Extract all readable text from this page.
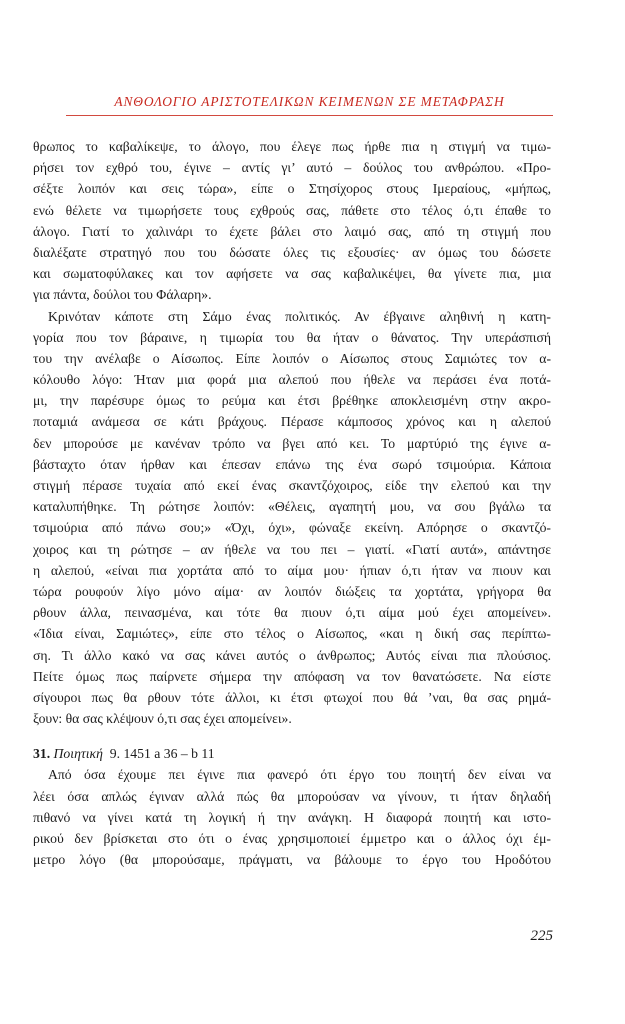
ΑΝΘΟΛΟΓΙΟ ΑΡΙΣΤΟΤΕΛΙΚΩΝ ΚΕΙΜΕΝΩΝ ΣΕ ΜΕΤΑΦΡΑΣΗ
θρωπος το καβαλίκεψε, το άλογο, που έλεγε πως ήρθε πια η στιγμή να τιμω-
ρήσει τον εχθρό του, έγινε – αντίς γι’ αυτό – δούλος του ανθρώπου. «Προ-
σέξτε λοιπόν και σεις τώρα», είπε ο Στησίχορος στους Ιμεραίους, «μήπως,
ενώ θέλετε να τιμωρήσετε τους εχθρούς σας, πάθετε στο τέλος ό,τι έπαθε το
άλογο. Γιατί το χαλινάρι το έχετε βάλει στο λαιμό σας, από τη στιγμή που
διαλέξατε στρατηγό που του δώσατε όλες τις εξουσίες· αν όμως του δώσετε
και σωματοφύλακες και τον αφήσετε να σας καβαλικέψει, θα γίνετε πια, μια
για πάντα, δούλοι του Φάλαρη».
Κρινόταν κάποτε στη Σάμο ένας πολιτικός. Αν έβγαινε αληθινή η κατη-
γορία που τον βάραινε, η τιμωρία του θα ήταν ο θάνατος. Την υπεράσπισή
του την ανέλαβε ο Αίσωπος. Είπε λοιπόν ο Αίσωπος στους Σαμιώτες τον α-
κόλουθο λόγο: Ήταν μια φορά μια αλεπού που ήθελε να περάσει ένα ποτά-
μι, την παρέσυρε όμως το ρεύμα και έτσι βρέθηκε αποκλεισμένη στην ακρο-
ποταμιά ανάμεσα σε κάτι βράχους. Πέρασε κάμποσος χρόνος και η αλεπού
δεν μπορούσε με κανέναν τρόπο να βγει από κει. Το μαρτύριό της έγινε α-
βάσταχτο όταν ήρθαν και έπεσαν επάνω της ένα σωρό τσιμούρια. Κάποια
στιγμή πέρασε τυχαία από εκεί ένας σκαντζόχοιρος, είδε την ελεπού και την
καταλυπήθηκε. Τη ρώτησε λοιπόν: «Θέλεις, αγαπητή μου, να σου βγάλω τα
τσιμούρια από πάνω σου;» «Όχι, όχι», φώναξε εκείνη. Απόρησε ο σκαντζό-
χοιρος και τη ρώτησε – αν ήθελε να του πει – γιατί. «Γιατί αυτά», απάντησε
η αλεπού, «είναι πια χορτάτα από το αίμα μου· ήπιαν ό,τι ήταν να πιουν και
τώρα ρουφούν λίγο μόνο αίμα· αν λοιπόν διώξεις τα χορτάτα, γρήγορα θα
ρθουν άλλα, πεινασμένα, και τότε θα πιουν ό,τι αίμα μού έχει απομείνει».
«Ίδια είναι, Σαμιώτες», είπε στο τέλος ο Αίσωπος, «και η δική σας περίπτω-
ση. Τι άλλο κακό να σας κάνει αυτός ο άνθρωπος; Αυτός είναι πια πλούσιος.
Πείτε όμως πως παίρνετε σήμερα την απόφαση να τον θανατώσετε. Να είστε
σίγουροι πως θα ρθουν τότε άλλοι, κι έτσι φτωχοί που θά ’ναι, θα σας ρημά-
ξουν: θα σας κλέψουν ό,τι σας έχει απομείνει».
31. Ποιητική 9. 1451 a 36 – b 11
Από όσα έχουμε πει έγινε πια φανερό ότι έργο του ποιητή δεν είναι να
λέει όσα απλώς έγιναν αλλά πώς θα μπορούσαν να γίνουν, τι ήταν δηλαδή
πιθανό να γίνει κατά τη λογική ή την ανάγκη. Η διαφορά ποιητή και ιστο-
ρικού δεν βρίσκεται στο ότι ο ένας χρησιμοποιεί έμμετρο και ο άλλος όχι έμ-
μετρο λόγο (θα μπορούσαμε, πράγματι, να βάλουμε το έργο του Ηροδότου
225
